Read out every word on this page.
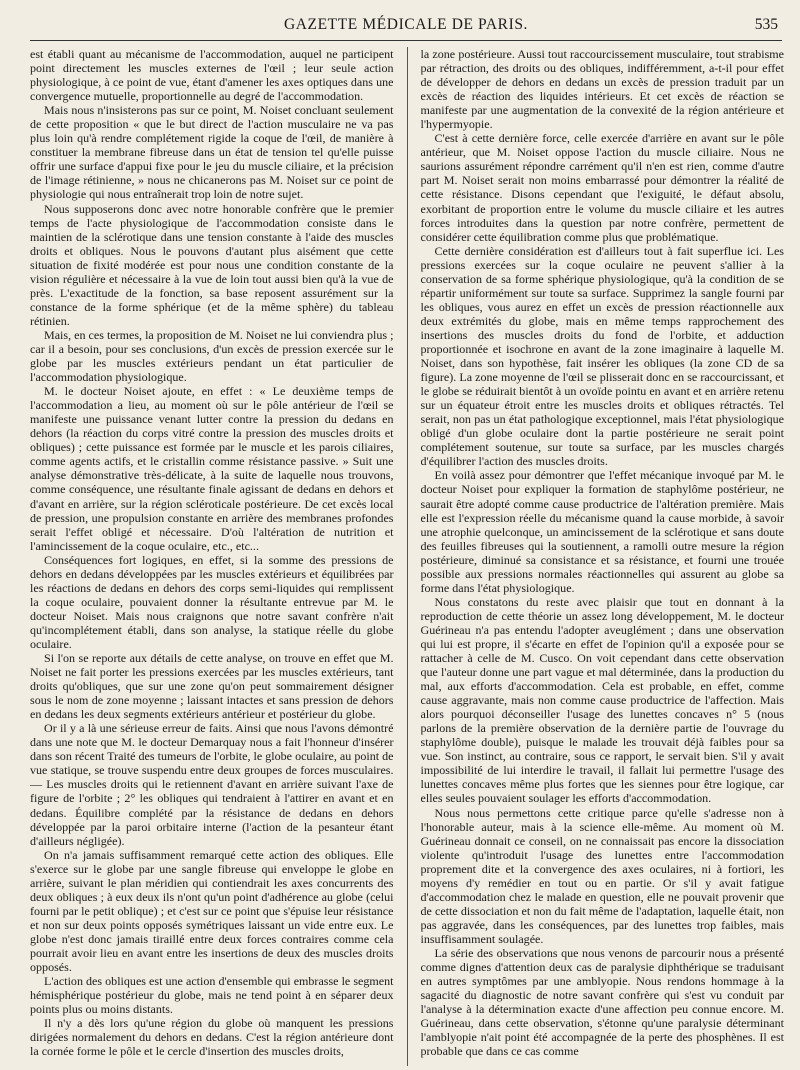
GAZETTE MÉDICALE DE PARIS.	535

est établi quant au mécanisme de l'accommodation, auquel ne participent point directement les muscles externes de l'œil ; leur seule action physiologique, à ce point de vue, étant d'amener les axes optiques dans une convergence mutuelle, proportionnelle au degré de l'accommodation.

Mais nous n'insisterons pas sur ce point, M. Noiset concluant seulement de cette proposition « que le but direct de l'action musculaire ne va pas plus loin qu'à rendre complétement rigide la coque de l'œil, de manière à constituer la membrane fibreuse dans un état de tension tel qu'elle puisse offrir une surface d'appui fixe pour le jeu du muscle ciliaire, et la précision de l'image rétinienne, » nous ne chicanerons pas M. Noiset sur ce point de physiologie qui nous entraînerait trop loin de notre sujet.

Nous supposerons donc avec notre honorable confrère que le premier temps de l'acte physiologique de l'accommodation consiste dans le maintien de la sclérotique dans une tension constante à l'aide des muscles droits et obliques. Nous le pouvons d'autant plus aisément que cette situation de fixité modérée est pour nous une condition constante de la vision régulière et nécessaire à la vue de loin tout aussi bien qu'à la vue de près. L'exactitude de la fonction, sa base reposent assurément sur la constance de la forme sphérique (et de la même sphère) du tableau rétinien.

Mais, en ces termes, la proposition de M. Noiset ne lui conviendra plus ; car il a besoin, pour ses conclusions, d'un excès de pression exercée sur le globe par les muscles extérieurs pendant un état particulier de l'accommodation physiologique.

M. le docteur Noiset ajoute, en effet : « Le deuxième temps de l'accommodation a lieu, au moment où sur le pôle antérieur de l'œil se manifeste une puissance venant lutter contre la pression du dedans en dehors (la réaction du corps vitré contre la pression des muscles droits et obliques) ; cette puissance est formée par le muscle et les parois ciliaires, comme agents actifs, et le cristallin comme résistance passive. » Suit une analyse démonstrative très-délicate, à la suite de laquelle nous trouvons, comme conséquence, une résultante finale agissant de dedans en dehors et d'avant en arrière, sur la région scléroticale postérieure. De cet excès local de pression, une propulsion constante en arrière des membranes profondes serait l'effet obligé et nécessaire. D'où l'altération de nutrition et l'amincissement de la coque oculaire, etc., etc...

Conséquences fort logiques, en effet, si la somme des pressions de dehors en dedans développées par les muscles extérieurs et équilibrées par les réactions de dedans en dehors des corps semi-liquides qui remplissent la coque oculaire, pouvaient donner la résultante entrevue par M. le docteur Noiset. Mais nous craignons que notre savant confrère n'ait qu'incomplétement établi, dans son analyse, la statique réelle du globe oculaire.

Si l'on se reporte aux détails de cette analyse, on trouve en effet que M. Noiset ne fait porter les pressions exercées par les muscles extérieurs, tant droits qu'obliques, que sur une zone qu'on peut sommairement désigner sous le nom de zone moyenne ; laissant intactes et sans pression de dehors en dedans les deux segments extérieurs antérieur et postérieur du globe.

Or il y a là une sérieuse erreur de faits. Ainsi que nous l'avons démontré dans une note que M. le docteur Demarquay nous a fait l'honneur d'insérer dans son récent Traité des tumeurs de l'orbite, le globe oculaire, au point de vue statique, se trouve suspendu entre deux groupes de forces musculaires. — Les muscles droits qui le retiennent d'avant en arrière suivant l'axe de figure de l'orbite ; 2° les obliques qui tendraient à l'attirer en avant et en dedans. Équilibre complété par la résistance de dedans en dehors développée par la paroi orbitaire interne (l'action de la pesanteur étant d'ailleurs négligée).

On n'a jamais suffisamment remarqué cette action des obliques. Elle s'exerce sur le globe par une sangle fibreuse qui enveloppe le globe en arrière, suivant le plan méridien qui contiendrait les axes concurrents des deux obliques ; à eux deux ils n'ont qu'un point d'adhérence au globe (celui fourni par le petit oblique) ; et c'est sur ce point que s'épuise leur résistance et non sur deux points opposés symétriques laissant un vide entre eux. Le globe n'est donc jamais tiraillé entre deux forces contraires comme cela pourrait avoir lieu en avant entre les insertions de deux des muscles droits opposés.

L'action des obliques est une action d'ensemble qui embrasse le segment hémisphérique postérieur du globe, mais ne tend point à en séparer deux points plus ou moins distants.

Il n'y a dès lors qu'une région du globe où manquent les pressions dirigées normalement du dehors en dedans. C'est la région antérieure dont la cornée forme le pôle et le cercle d'insertion des muscles droits,

la zone postérieure. Aussi tout raccourcissement musculaire, tout strabisme par rétraction, des droits ou des obliques, indifféremment, a-t-il pour effet de développer de dehors en dedans un excès de pression traduit par un excès de réaction des liquides intérieurs. Et cet excès de réaction se manifeste par une augmentation de la convexité de la région antérieure et l'hypermyopie.

C'est à cette dernière force, celle exercée d'arrière en avant sur le pôle antérieur, que M. Noiset oppose l'action du muscle ciliaire. Nous ne saurions assurément répondre carrément qu'il n'en est rien, comme d'autre part M. Noiset serait non moins embarrassé pour démontrer la réalité de cette résistance. Disons cependant que l'exiguité, le défaut absolu, exorbitant de proportion entre le volume du muscle ciliaire et les autres forces introduites dans la question par notre confrère, permettent de considérer cette équilibration comme plus que problématique.

Cette dernière considération est d'ailleurs tout à fait superflue ici. Les pressions exercées sur la coque oculaire ne peuvent s'allier à la conservation de sa forme sphérique physiologique, qu'à la condition de se répartir uniformément sur toute sa surface. Supprimez la sangle fourni par les obliques, vous aurez en effet un excès de pression réactionnelle aux deux extrémités du globe, mais en même temps rapprochement des insertions des muscles droits du fond de l'orbite, et adduction proportionnée et isochrone en avant de la zone imaginaire à laquelle M. Noiset, dans son hypothèse, fait insérer les obliques (la zone CD de sa figure). La zone moyenne de l'œil se plisserait donc en se raccourcissant, et le globe se réduirait bientôt à un ovoïde pointu en avant et en arrière retenu sur un équateur étroit entre les muscles droits et obliques rétractés. Tel serait, non pas un état pathologique exceptionnel, mais l'état physiologique obligé d'un globe oculaire dont la partie postérieure ne serait point complétement soutenue, sur toute sa surface, par les muscles chargés d'équilibrer l'action des muscles droits.

En voilà assez pour démontrer que l'effet mécanique invoqué par M. le docteur Noiset pour expliquer la formation de staphylôme postérieur, ne saurait être adopté comme cause productrice de l'altération première. Mais elle est l'expression réelle du mécanisme quand la cause morbide, à savoir une atrophie quelconque, un amincissement de la sclérotique et sans doute des feuilles fibreuses qui la soutiennent, a ramolli outre mesure la région postérieure, diminué sa consistance et sa résistance, et fourni une trouée possible aux pressions normales réactionnelles qui assurent au globe sa forme dans l'état physiologique.

Nous constatons du reste avec plaisir que tout en donnant à la reproduction de cette théorie un assez long développement, M. le docteur Guérineau n'a pas entendu l'adopter aveuglément ; dans une observation qui lui est propre, il s'écarte en effet de l'opinion qu'il a exposée pour se rattacher à celle de M. Cusco. On voit cependant dans cette observation que l'auteur donne une part vague et mal déterminée, dans la production du mal, aux efforts d'accommodation. Cela est probable, en effet, comme cause aggravante, mais non comme cause productrice de l'affection. Mais alors pourquoi déconseiller l'usage des lunettes concaves n° 5 (nous parlons de la première observation de la dernière partie de l'ouvrage du staphylôme double), puisque le malade les trouvait déjà faibles pour sa vue. Son instinct, au contraire, sous ce rapport, le servait bien. S'il y avait impossibilité de lui interdire le travail, il fallait lui permettre l'usage des lunettes concaves même plus fortes que les siennes pour être logique, car elles seules pouvaient soulager les efforts d'accommodation.

Nous nous permettons cette critique parce qu'elle s'adresse non à l'honorable auteur, mais à la science elle-même. Au moment où M. Guérineau donnait ce conseil, on ne connaissait pas encore la dissociation violente qu'introduit l'usage des lunettes entre l'accommodation proprement dite et la convergence des axes oculaires, ni à fortiori, les moyens d'y remédier en tout ou en partie. Or s'il y avait fatigue d'accommodation chez le malade en question, elle ne pouvait provenir que de cette dissociation et non du fait même de l'adaptation, laquelle était, non pas aggravée, dans les conséquences, par des lunettes trop faibles, mais insuffisamment soulagée.

La série des observations que nous venons de parcourir nous a présenté comme dignes d'attention deux cas de paralysie diphthérique se traduisant en autres symptômes par une amblyopie. Nous rendons hommage à la sagacité du diagnostic de notre savant confrère qui s'est vu conduit par l'analyse à la détermination exacte d'une affection peu connue encore. M. Guérineau, dans cette observation, s'étonne qu'une paralysie déterminant l'amblyopie n'ait point été accompagnée de la perte des phosphènes. Il est probable que dans ce cas comme
